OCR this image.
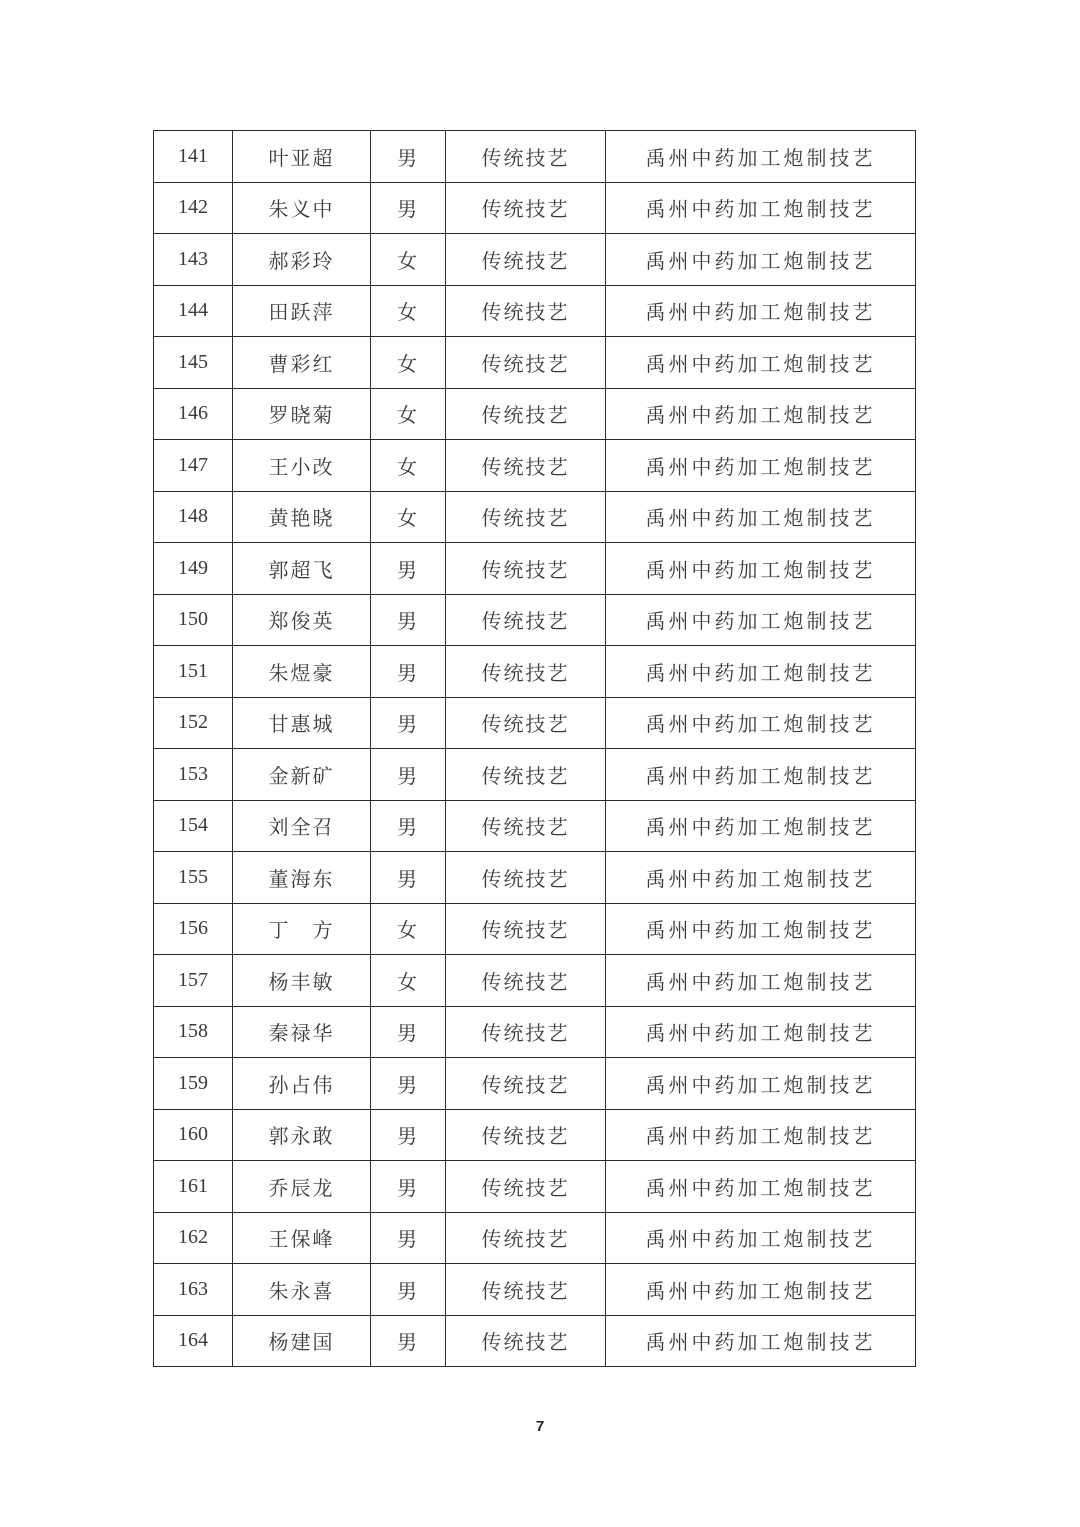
141	叶亚超	男	传统技艺	禹州中药加工炮制技艺
142	朱义中	男	传统技艺	禹州中药加工炮制技艺
143	郝彩玲	女	传统技艺	禹州中药加工炮制技艺
144	田跃萍	女	传统技艺	禹州中药加工炮制技艺
145	曹彩红	女	传统技艺	禹州中药加工炮制技艺
146	罗晓菊	女	传统技艺	禹州中药加工炮制技艺
147	王小改	女	传统技艺	禹州中药加工炮制技艺
148	黄艳晓	女	传统技艺	禹州中药加工炮制技艺
149	郭超飞	男	传统技艺	禹州中药加工炮制技艺
150	郑俊英	男	传统技艺	禹州中药加工炮制技艺
151	朱煜豪	男	传统技艺	禹州中药加工炮制技艺
152	甘惠城	男	传统技艺	禹州中药加工炮制技艺
153	金新矿	男	传统技艺	禹州中药加工炮制技艺
154	刘全召	男	传统技艺	禹州中药加工炮制技艺
155	董海东	男	传统技艺	禹州中药加工炮制技艺
156	丁　方	女	传统技艺	禹州中药加工炮制技艺
157	杨丰敏	女	传统技艺	禹州中药加工炮制技艺
158	秦禄华	男	传统技艺	禹州中药加工炮制技艺
159	孙占伟	男	传统技艺	禹州中药加工炮制技艺
160	郭永敢	男	传统技艺	禹州中药加工炮制技艺
161	乔辰龙	男	传统技艺	禹州中药加工炮制技艺
162	王保峰	男	传统技艺	禹州中药加工炮制技艺
163	朱永喜	男	传统技艺	禹州中药加工炮制技艺
164	杨建国	男	传统技艺	禹州中药加工炮制技艺
7
